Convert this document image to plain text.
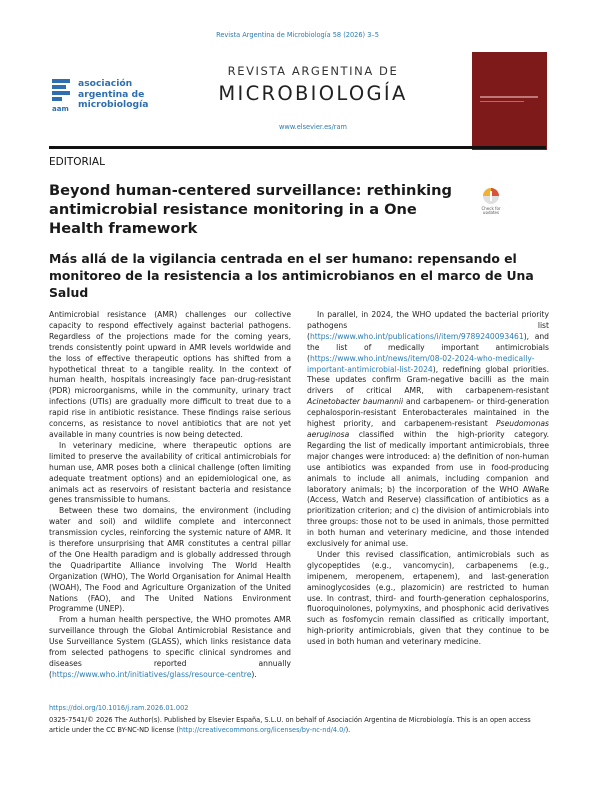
Revista Argentina de Microbiología 58 (2026) 3–5
aam
asociación
argentina de
microbiología
REVISTA ARGENTINA DE
MICROBIOLOGÍA
www.elsevier.es/ram
EDITORIAL
Beyond human-centered surveillance: rethinking antimicrobial resistance monitoring in a One Health framework
Check for
updates
Más allá de la vigilancia centrada en el ser humano: repensando el monitoreo de la resistencia a los antimicrobianos en el marco de Una Salud

Antimicrobial resistance (AMR) challenges our collective capacity to respond effectively against bacterial pathogens. Regardless of the projections made for the coming years, trends consistently point upward in AMR levels worldwide and the loss of effective therapeutic options has shifted from a hypothetical threat to a tangible reality. In the context of human health, hospitals increasingly face pan-drug-resistant (PDR) microorganisms, while in the community, urinary tract infections (UTIs) are gradually more difficult to treat due to a rapid rise in antibiotic resistance. These findings raise serious concerns, as resistance to novel antibiotics that are not yet available in many countries is now being detected.

In veterinary medicine, where therapeutic options are limited to preserve the availability of critical antimicrobials for human use, AMR poses both a clinical challenge (often limiting adequate treatment options) and an epidemiological one, as animals act as reservoirs of resistant bacteria and resistance genes transmissible to humans.

Between these two domains, the environment (including water and soil) and wildlife complete and interconnect transmission cycles, reinforcing the systemic nature of AMR. It is therefore unsurprising that AMR constitutes a central pillar of the One Health paradigm and is globally addressed through the Quadripartite Alliance involving The World Health Organization (WHO), The World Organisation for Animal Health (WOAH), The Food and Agriculture Organization of the United Nations (FAO), and The United Nations Environment Programme (UNEP).

From a human health perspective, the WHO promotes AMR surveillance through the Global Antimicrobial Resistance and Use Surveillance System (GLASS), which links resistance data from selected pathogens to specific clinical syndromes and diseases reported annually (https://www.who.int/initiatives/glass/resource-centre).

In parallel, in 2024, the WHO updated the bacterial priority pathogens list (https://www.who.int/publications/i/item/9789240093461), and the list of medically important antimicrobials (https://www.who.int/news/item/08-02-2024-who-medically-important-antimicrobial-list-2024), redefining global priorities. These updates confirm Gram-negative bacilli as the main drivers of critical AMR, with carbapenem-resistant Acinetobacter baumannii and carbapenem- or third-generation cephalosporin-resistant Enterobacterales maintained in the highest priority, and carbapenem-resistant Pseudomonas aeruginosa classified within the high-priority category. Regarding the list of medically important antimicrobials, three major changes were introduced: a) the definition of non-human use antibiotics was expanded from use in food-producing animals to include all animals, including companion and laboratory animals; b) the incorporation of the WHO AWaRe (Access, Watch and Reserve) classification of antibiotics as a prioritization criterion; and c) the division of antimicrobials into three groups: those not to be used in animals, those permitted in both human and veterinary medicine, and those intended exclusively for animal use.

Under this revised classification, antimicrobials such as glycopeptides (e.g., vancomycin), carbapenems (e.g., imipenem, meropenem, ertapenem), and last-generation aminoglycosides (e.g., plazomicin) are restricted to human use. In contrast, third- and fourth-generation cephalosporins, fluoroquinolones, polymyxins, and phosphonic acid derivatives such as fosfomycin remain classified as critically important, high-priority antimicrobials, given that they continue to be used in both human and veterinary medicine.

https://doi.org/10.1016/j.ram.2026.01.002
0325-7541/© 2026 The Author(s). Published by Elsevier España, S.L.U. on behalf of Asociación Argentina de Microbiología. This is an open access article under the CC BY-NC-ND license (http://creativecommons.org/licenses/by-nc-nd/4.0/).
